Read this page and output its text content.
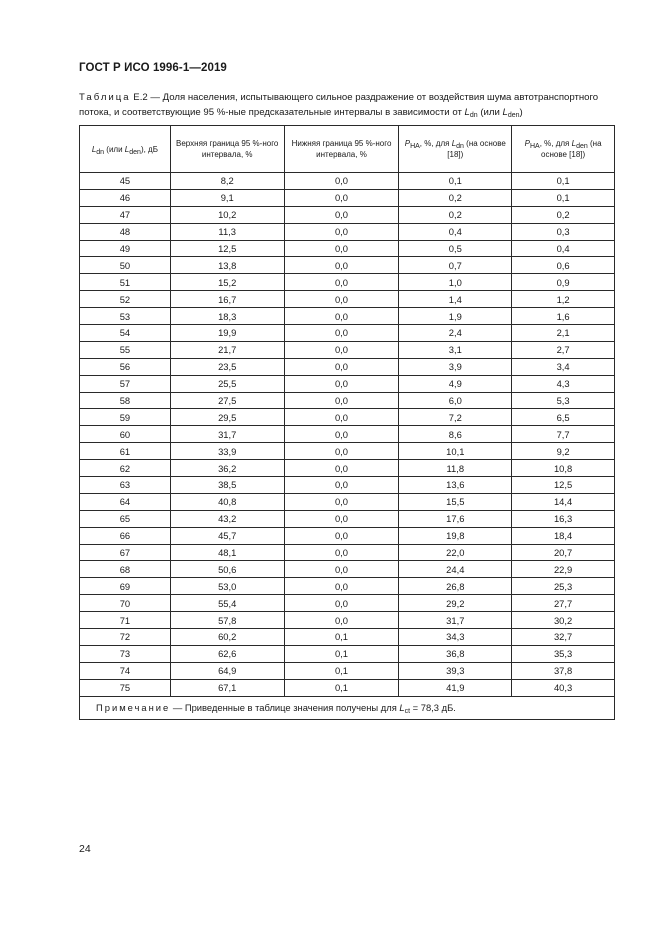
ГОСТ Р ИСО 1996-1—2019
Таблица Е.2 — Доля населения, испытывающего сильное раздражение от воздействия шума автотранспортного потока, и соответствующие 95 %-ные предсказательные интервалы в зависимости от $L_{dn}$ (или $L_{den}$)
$L_{dn}$ (или $L_{den}$), дБ	Верхняя граница 95 %-ного интервала, %	Нижняя граница 95 %-ного интервала, %	$P_{HA}$, %, для $L_{dn}$ (на основе [18])	$P_{HA}$, %, для $L_{den}$ (на основе [18])
45	8,2	0,0	0,1	0,1
46	9,1	0,0	0,2	0,1
47	10,2	0,0	0,2	0,2
48	11,3	0,0	0,4	0,3
49	12,5	0,0	0,5	0,4
50	13,8	0,0	0,7	0,6
51	15,2	0,0	1,0	0,9
52	16,7	0,0	1,4	1,2
53	18,3	0,0	1,9	1,6
54	19,9	0,0	2,4	2,1
55	21,7	0,0	3,1	2,7
56	23,5	0,0	3,9	3,4
57	25,5	0,0	4,9	4,3
58	27,5	0,0	6,0	5,3
59	29,5	0,0	7,2	6,5
60	31,7	0,0	8,6	7,7
61	33,9	0,0	10,1	9,2
62	36,2	0,0	11,8	10,8
63	38,5	0,0	13,6	12,5
64	40,8	0,0	15,5	14,4
65	43,2	0,0	17,6	16,3
66	45,7	0,0	19,8	18,4
67	48,1	0,0	22,0	20,7
68	50,6	0,0	24,4	22,9
69	53,0	0,0	26,8	25,3
70	55,4	0,0	29,2	27,7
71	57,8	0,0	31,7	30,2
72	60,2	0,1	34,3	32,7
73	62,6	0,1	36,8	35,3
74	64,9	0,1	39,3	37,8
75	67,1	0,1	41,9	40,3
Примечание — Приведенные в таблице значения получены для $L_{ct} = 78,3$ дБ.				
24
